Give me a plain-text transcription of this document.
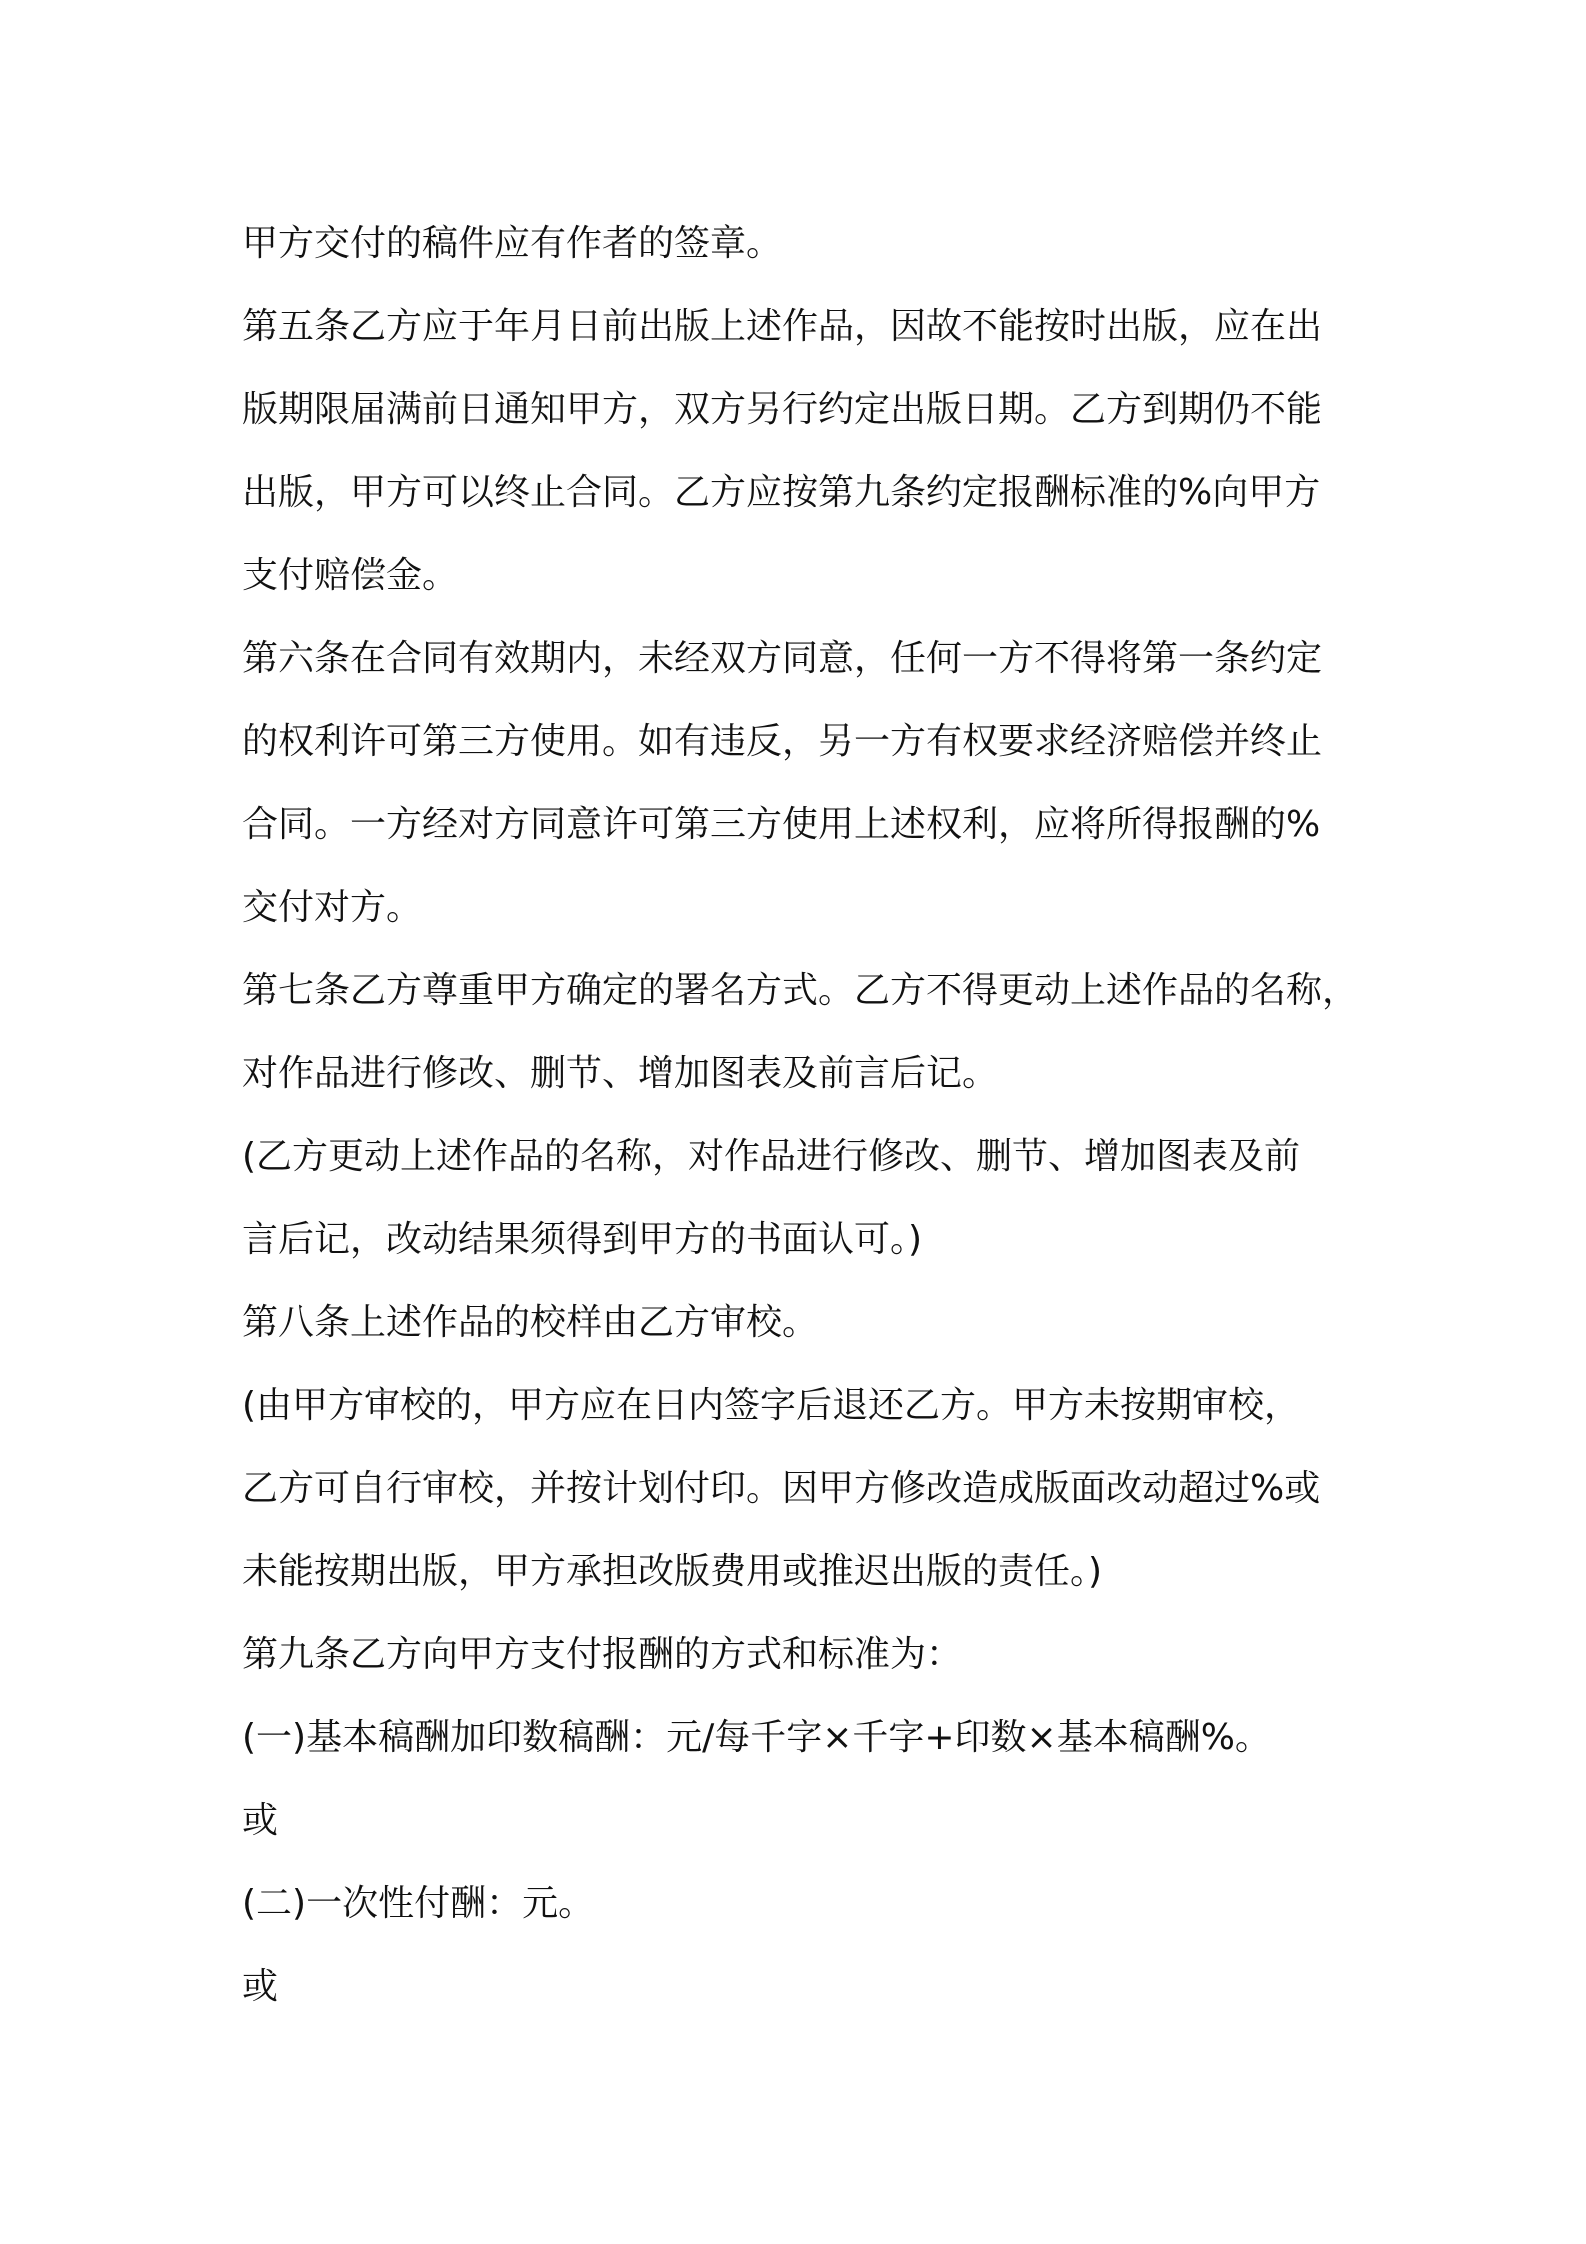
甲方交付的稿件应有作者的签章。
第五条乙方应于年月日前出版上述作品，因故不能按时出版，应在出
版期限届满前日通知甲方，双方另行约定出版日期。乙方到期仍不能
出版，甲方可以终止合同。乙方应按第九条约定报酬标准的%向甲方
支付赔偿金。
第六条在合同有效期内，未经双方同意，任何一方不得将第一条约定
的权利许可第三方使用。如有违反，另一方有权要求经济赔偿并终止
合同。一方经对方同意许可第三方使用上述权利，应将所得报酬的%
交付对方。
第七条乙方尊重甲方确定的署名方式。乙方不得更动上述作品的名称，
对作品进行修改、删节、增加图表及前言后记。
(乙方更动上述作品的名称，对作品进行修改、删节、增加图表及前
言后记，改动结果须得到甲方的书面认可。)
第八条上述作品的校样由乙方审校。
(由甲方审校的，甲方应在日内签字后退还乙方。甲方未按期审校，
乙方可自行审校，并按计划付印。因甲方修改造成版面改动超过%或
未能按期出版，甲方承担改版费用或推迟出版的责任。)
第九条乙方向甲方支付报酬的方式和标准为：
(一)基本稿酬加印数稿酬：元/每千字×千字+印数×基本稿酬%。
或
(二)一次性付酬：元。
或
